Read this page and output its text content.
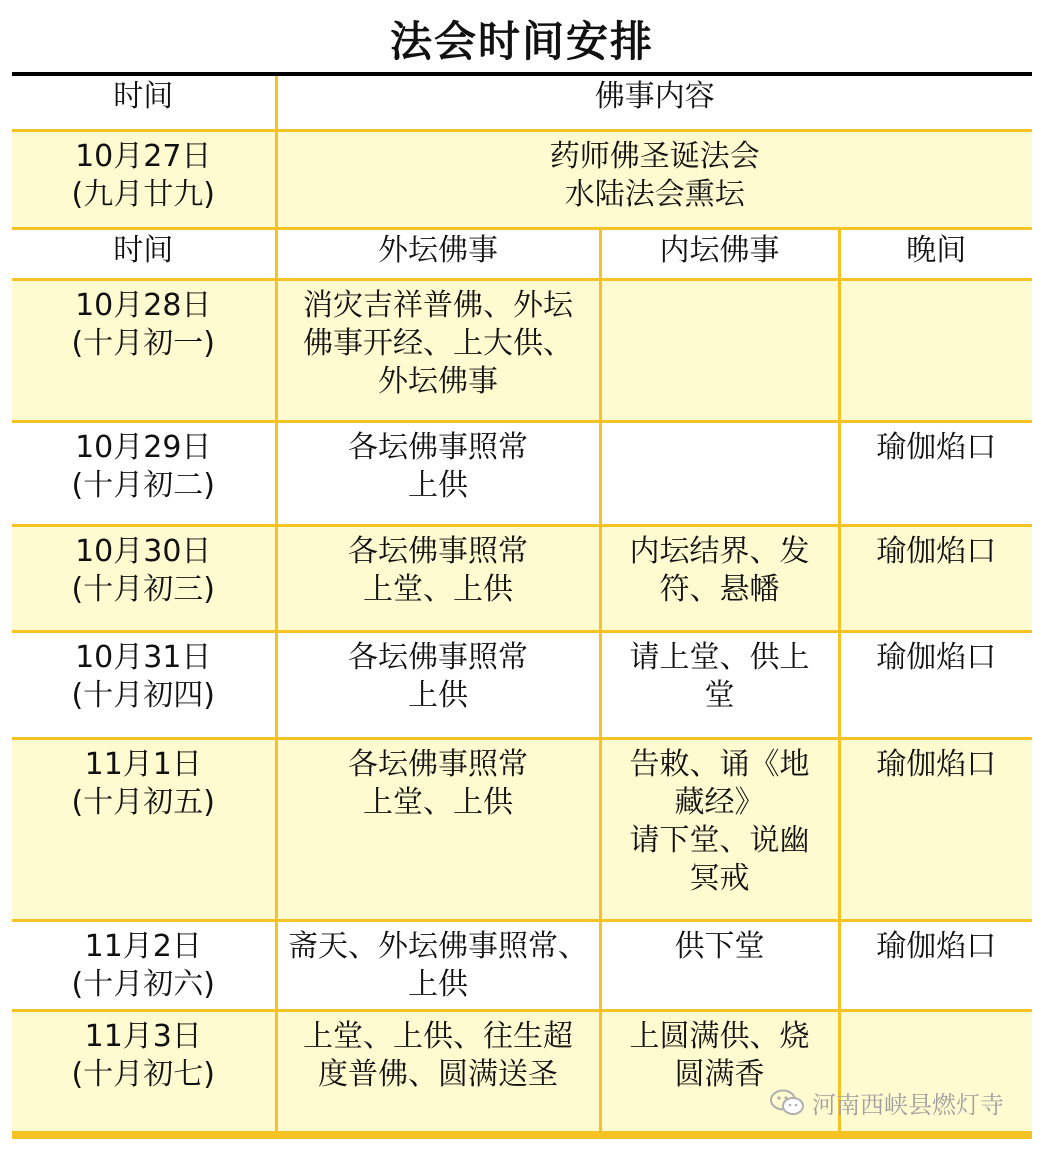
法会时间安排
时间	佛事内容		

10月27日
(九月廿九)	药师佛圣诞法会
水陆法会熏坛		

时间	外坛佛事	内坛佛事	晚间

10月28日
(十月初一)	消灾吉祥普佛、外坛
佛事开经、上大供、
外坛佛事		

10月29日
(十月初二)	各坛佛事照常
上供		瑜伽焰口

10月30日
(十月初三)	各坛佛事照常
上堂、上供	内坛结界、发
符、悬幡	瑜伽焰口

10月31日
(十月初四)	各坛佛事照常
上供	请上堂、供上
堂	瑜伽焰口

11月1日
(十月初五)	各坛佛事照常
上堂、上供	告敕、诵《地
藏经》
请下堂、说幽
冥戒	瑜伽焰口

11月2日
(十月初六)	斋天、外坛佛事照常、
上供	供下堂	瑜伽焰口

11月3日
(十月初七)	上堂、上供、往生超
度普佛、圆满送圣	上圆满供、烧
圆满香	

河南西峡县燃灯寺
